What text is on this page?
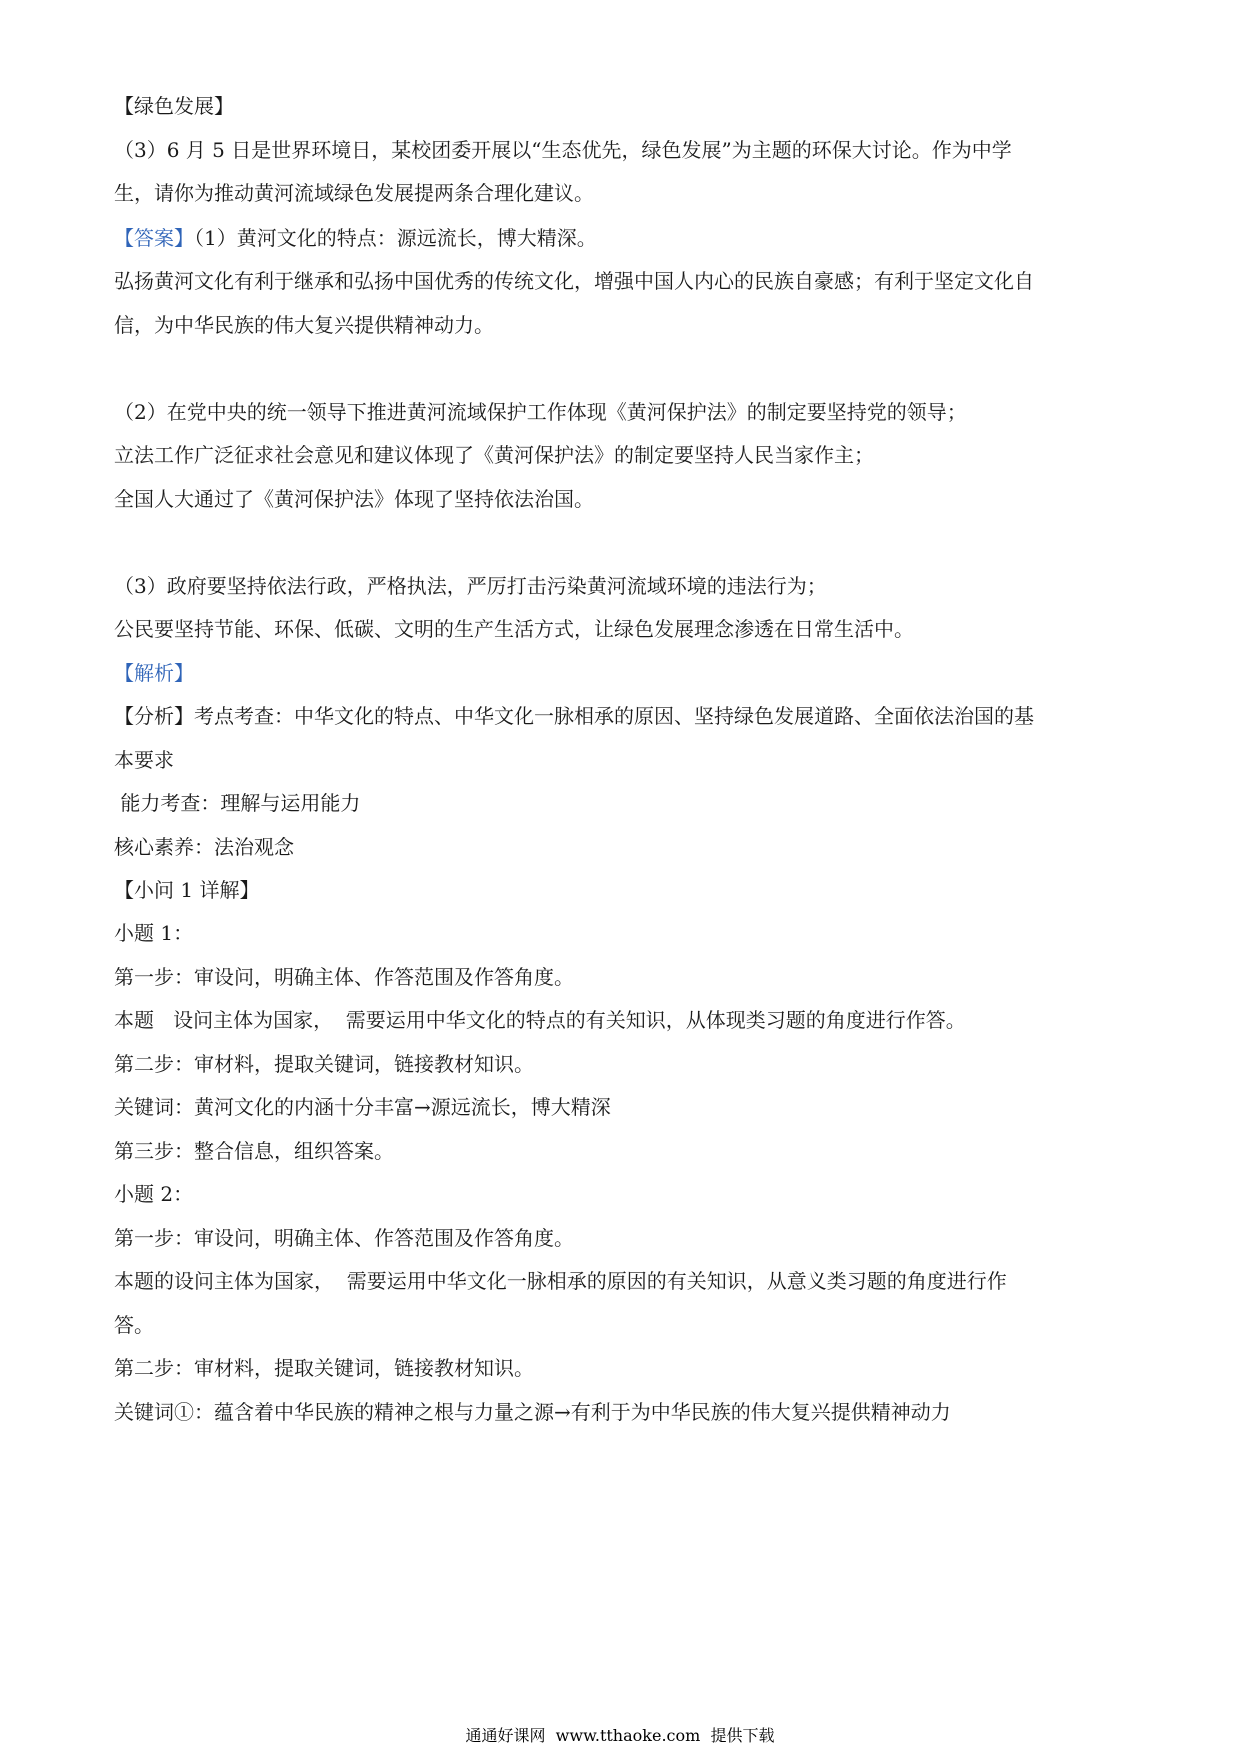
【绿色发展】
（3）6 月 5 日是世界环境日，某校团委开展以“生态优先，绿色发展”为主题的环保大讨论。作为中学
生，请你为推动黄河流域绿色发展提两条合理化建议。
【答案】（1）黄河文化的特点：源远流长，博大精深。
弘扬黄河文化有利于继承和弘扬中国优秀的传统文化，增强中国人内心的民族自豪感；有利于坚定文化自
信，为中华民族的伟大复兴提供精神动力。
（2）在党中央的统一领导下推进黄河流域保护工作体现《黄河保护法》的制定要坚持党的领导；
立法工作广泛征求社会意见和建议体现了《黄河保护法》的制定要坚持人民当家作主；
全国人大通过了《黄河保护法》体现了坚持依法治国。
（3）政府要坚持依法行政，严格执法，严厉打击污染黄河流域环境的违法行为；
公民要坚持节能、环保、低碳、文明的生产生活方式，让绿色发展理念渗透在日常生活中。
【解析】
【分析】考点考查：中华文化的特点、中华文化一脉相承的原因、坚持绿色发展道路、全面依法治国的基
本要求
能力考查：理解与运用能力
核心素养：法治观念
【小问 1 详解】
小题 1：
第一步：审设问，明确主体、作答范围及作答角度。
本题   设问主体为国家，  需要运用中华文化的特点的有关知识，从体现类习题的角度进行作答。
第二步：审材料，提取关键词，链接教材知识。
关键词：黄河文化的内涵十分丰富→源远流长，博大精深
第三步：整合信息，组织答案。
小题 2：
第一步：审设问，明确主体、作答范围及作答角度。
本题的设问主体为国家，  需要运用中华文化一脉相承的原因的有关知识，从意义类习题的角度进行作
答。
第二步：审材料，提取关键词，链接教材知识。
关键词①：蕴含着中华民族的精神之根与力量之源→有利于为中华民族的伟大复兴提供精神动力
通通好课网  www.tthaoke.com  提供下载
